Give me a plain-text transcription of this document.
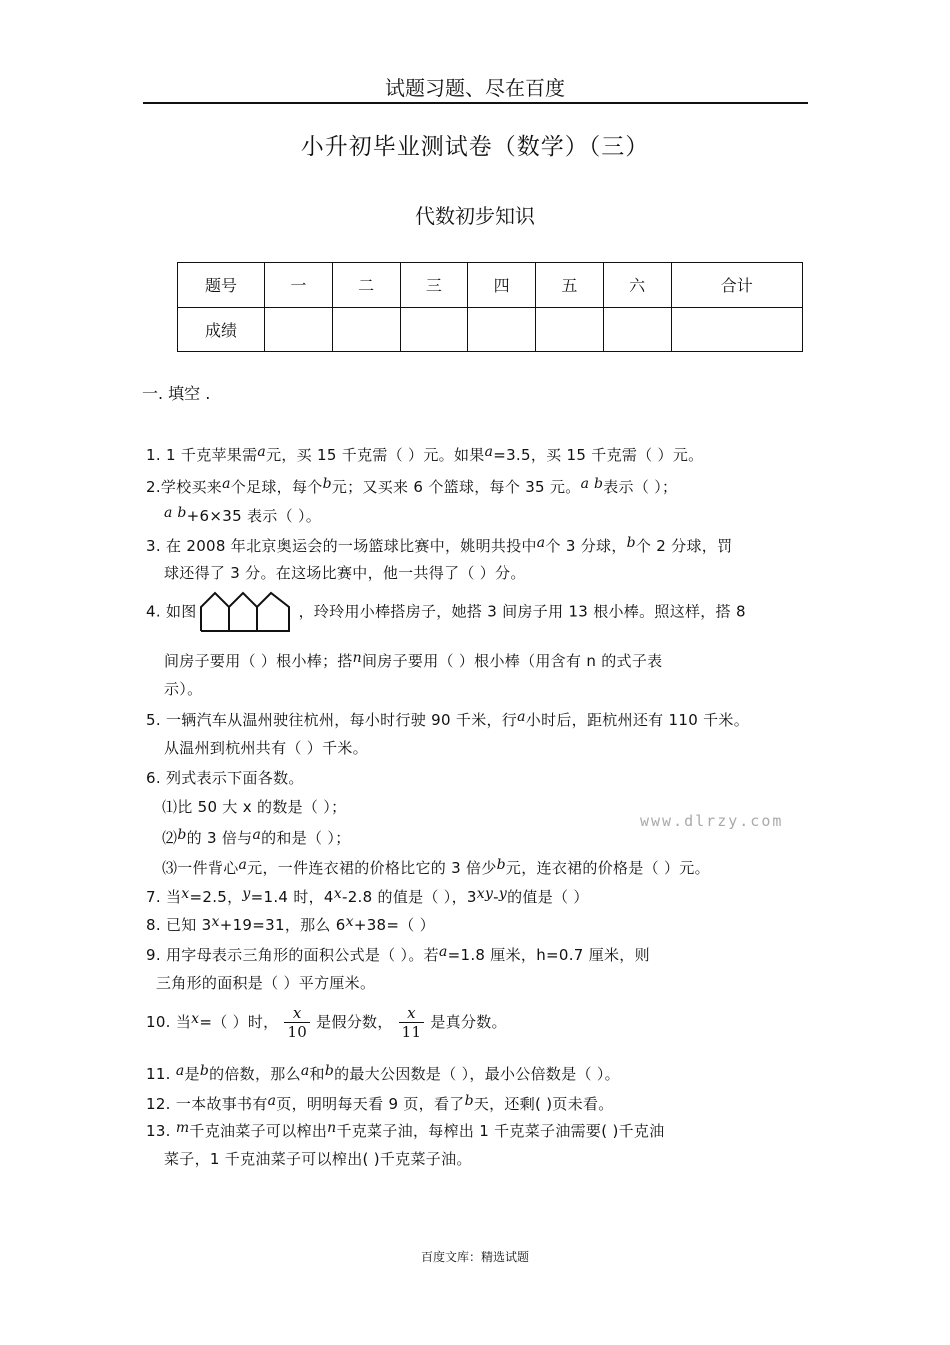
试题习题、尽在百度
小升初毕业测试卷（数学）（三）
代数初步知识
题号	一	二	三	四	五	六	合计
成绩							
一. 填空 .
1. 1 千克苹果需a元，买 15 千克需（ ）元。如果a=3.5，买 15 千克需（ ）元。
2.学校买来a个足球，每个b元；又买来 6 个篮球，每个 35 元。a b表示（ ）；
a b+6×35 表示（ ）。
3. 在 2008 年北京奥运会的一场篮球比赛中，姚明共投中a个 3 分球，b个 2 分球，罚
球还得了 3 分。在这场比赛中，他一共得了（ ）分。
4. 如图	，玲玲用小棒搭房子，她搭 3 间房子用 13 根小棒。照这样，搭 8
间房子要用（ ）根小棒；搭n间房子要用（ ）根小棒（用含有 n 的式子表
示）。
5. 一辆汽车从温州驶往杭州，每小时行驶 90 千米，行a小时后，距杭州还有 110 千米。
从温州到杭州共有（ ）千米。
6. 列式表示下面各数。
⑴比 50 大 x 的数是（ ）；
www.dlrzy.com
⑵b的 3 倍与a的和是（ ）；
⑶一件背心a元，一件连衣裙的价格比它的 3 倍少b元，连衣裙的价格是（ ）元。
7. 当x=2.5，y=1.4 时，4x-2.8 的值是（ ），3xy-y的值是（ ）
8. 已知 3x+19=31，那么 6x+38=（ ）
9. 用字母表示三角形的面积公式是（ ）。若a=1.8 厘米，h=0.7 厘米，则
三角形的面积是（ ）平方厘米。
10. 当x=（ ）时， $\frac{x}{10}$ 是假分数， $\frac{x}{11}$ 是真分数。
11. a是b的倍数，那么a和b的最大公因数是（ ），最小公倍数是（ ）。
12. 一本故事书有a页，明明每天看 9 页，看了b天，还剩( )页未看。
13. m千克油菜子可以榨出n千克菜子油，每榨出 1 千克菜子油需要( )千克油
菜子，1 千克油菜子可以榨出( )千克菜子油。
百度文库：精选试题
